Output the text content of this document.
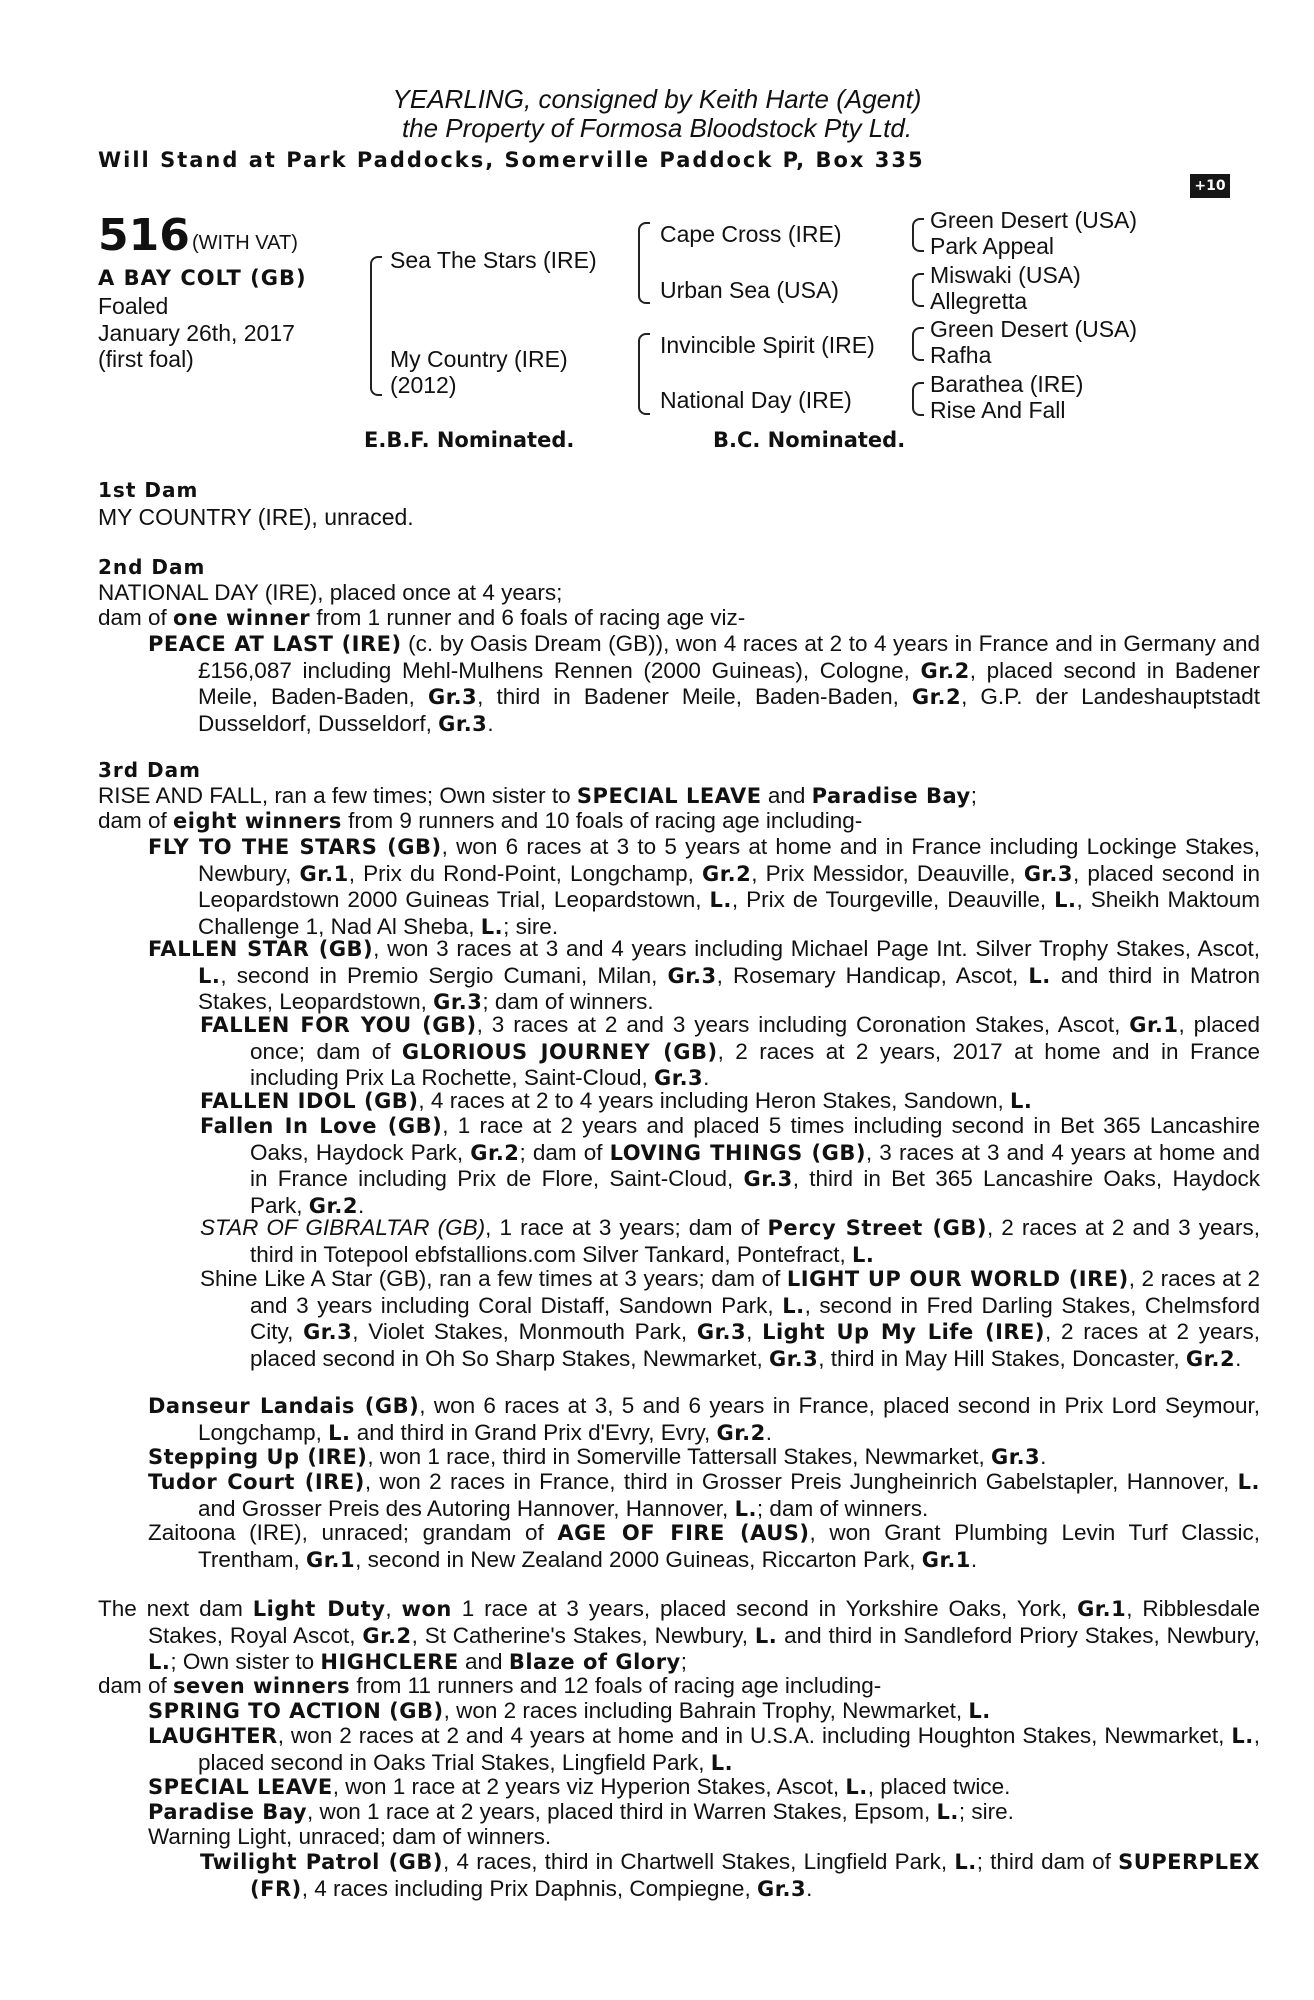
YEARLING, consigned by Keith Harte (Agent)
the Property of Formosa Bloodstock Pty Ltd.
Will Stand at Park Paddocks, Somerville Paddock P, Box 335
+10
516 (WITH VAT)
A BAY COLT (GB)
Foaled
January 26th, 2017
(first foal)
Sea The Stars (IRE)
My Country (IRE)
(2012)
Cape Cross (IRE)
Urban Sea (USA)
Invincible Spirit (IRE)
National Day (IRE)
Green Desert (USA)
Park Appeal
Miswaki (USA)
Allegretta
Green Desert (USA)
Rafha
Barathea (IRE)
Rise And Fall
E.B.F. Nominated.	B.C. Nominated.
1st Dam
MY COUNTRY (IRE), unraced.
2nd Dam
NATIONAL DAY (IRE), placed once at 4 years;
dam of one winner from 1 runner and 6 foals of racing age viz-
PEACE AT LAST (IRE) (c. by Oasis Dream (GB)), won 4 races at 2 to 4 years in France and in Germany and £156,087 including Mehl-Mulhens Rennen (2000 Guineas), Cologne, Gr.2, placed second in Badener Meile, Baden-Baden, Gr.3, third in Badener Meile, Baden-Baden, Gr.2, G.P. der Landeshauptstadt Dusseldorf, Dusseldorf, Gr.3.
3rd Dam
RISE AND FALL, ran a few times; Own sister to SPECIAL LEAVE and Paradise Bay;
dam of eight winners from 9 runners and 10 foals of racing age including-
FLY TO THE STARS (GB), won 6 races at 3 to 5 years at home and in France including Lockinge Stakes, Newbury, Gr.1, Prix du Rond-Point, Longchamp, Gr.2, Prix Messidor, Deauville, Gr.3, placed second in Leopardstown 2000 Guineas Trial, Leopardstown, L., Prix de Tourgeville, Deauville, L., Sheikh Maktoum Challenge 1, Nad Al Sheba, L.; sire.
FALLEN STAR (GB), won 3 races at 3 and 4 years including Michael Page Int. Silver Trophy Stakes, Ascot, L., second in Premio Sergio Cumani, Milan, Gr.3, Rosemary Handicap, Ascot, L. and third in Matron Stakes, Leopardstown, Gr.3; dam of winners.
FALLEN FOR YOU (GB), 3 races at 2 and 3 years including Coronation Stakes, Ascot, Gr.1, placed once; dam of GLORIOUS JOURNEY (GB), 2 races at 2 years, 2017 at home and in France including Prix La Rochette, Saint-Cloud, Gr.3.
FALLEN IDOL (GB), 4 races at 2 to 4 years including Heron Stakes, Sandown, L.
Fallen In Love (GB), 1 race at 2 years and placed 5 times including second in Bet 365 Lancashire Oaks, Haydock Park, Gr.2; dam of LOVING THINGS (GB), 3 races at 3 and 4 years at home and in France including Prix de Flore, Saint-Cloud, Gr.3, third in Bet 365 Lancashire Oaks, Haydock Park, Gr.2.
STAR OF GIBRALTAR (GB), 1 race at 3 years; dam of Percy Street (GB), 2 races at 2 and 3 years, third in Totepool ebfstallions.com Silver Tankard, Pontefract, L.
Shine Like A Star (GB), ran a few times at 3 years; dam of LIGHT UP OUR WORLD (IRE), 2 races at 2 and 3 years including Coral Distaff, Sandown Park, L., second in Fred Darling Stakes, Chelmsford City, Gr.3, Violet Stakes, Monmouth Park, Gr.3, Light Up My Life (IRE), 2 races at 2 years, placed second in Oh So Sharp Stakes, Newmarket, Gr.3, third in May Hill Stakes, Doncaster, Gr.2.
Danseur Landais (GB), won 6 races at 3, 5 and 6 years in France, placed second in Prix Lord Seymour, Longchamp, L. and third in Grand Prix d'Evry, Evry, Gr.2.
Stepping Up (IRE), won 1 race, third in Somerville Tattersall Stakes, Newmarket, Gr.3.
Tudor Court (IRE), won 2 races in France, third in Grosser Preis Jungheinrich Gabelstapler, Hannover, L. and Grosser Preis des Autoring Hannover, Hannover, L.; dam of winners.
Zaitoona (IRE), unraced; grandam of AGE OF FIRE (AUS), won Grant Plumbing Levin Turf Classic, Trentham, Gr.1, second in New Zealand 2000 Guineas, Riccarton Park, Gr.1.
The next dam Light Duty, won 1 race at 3 years, placed second in Yorkshire Oaks, York, Gr.1, Ribblesdale Stakes, Royal Ascot, Gr.2, St Catherine's Stakes, Newbury, L. and third in Sandleford Priory Stakes, Newbury, L.; Own sister to HIGHCLERE and Blaze of Glory;
dam of seven winners from 11 runners and 12 foals of racing age including-
SPRING TO ACTION (GB), won 2 races including Bahrain Trophy, Newmarket, L.
LAUGHTER, won 2 races at 2 and 4 years at home and in U.S.A. including Houghton Stakes, Newmarket, L., placed second in Oaks Trial Stakes, Lingfield Park, L.
SPECIAL LEAVE, won 1 race at 2 years viz Hyperion Stakes, Ascot, L., placed twice.
Paradise Bay, won 1 race at 2 years, placed third in Warren Stakes, Epsom, L.; sire.
Warning Light, unraced; dam of winners.
Twilight Patrol (GB), 4 races, third in Chartwell Stakes, Lingfield Park, L.; third dam of SUPERPLEX (FR), 4 races including Prix Daphnis, Compiegne, Gr.3.
